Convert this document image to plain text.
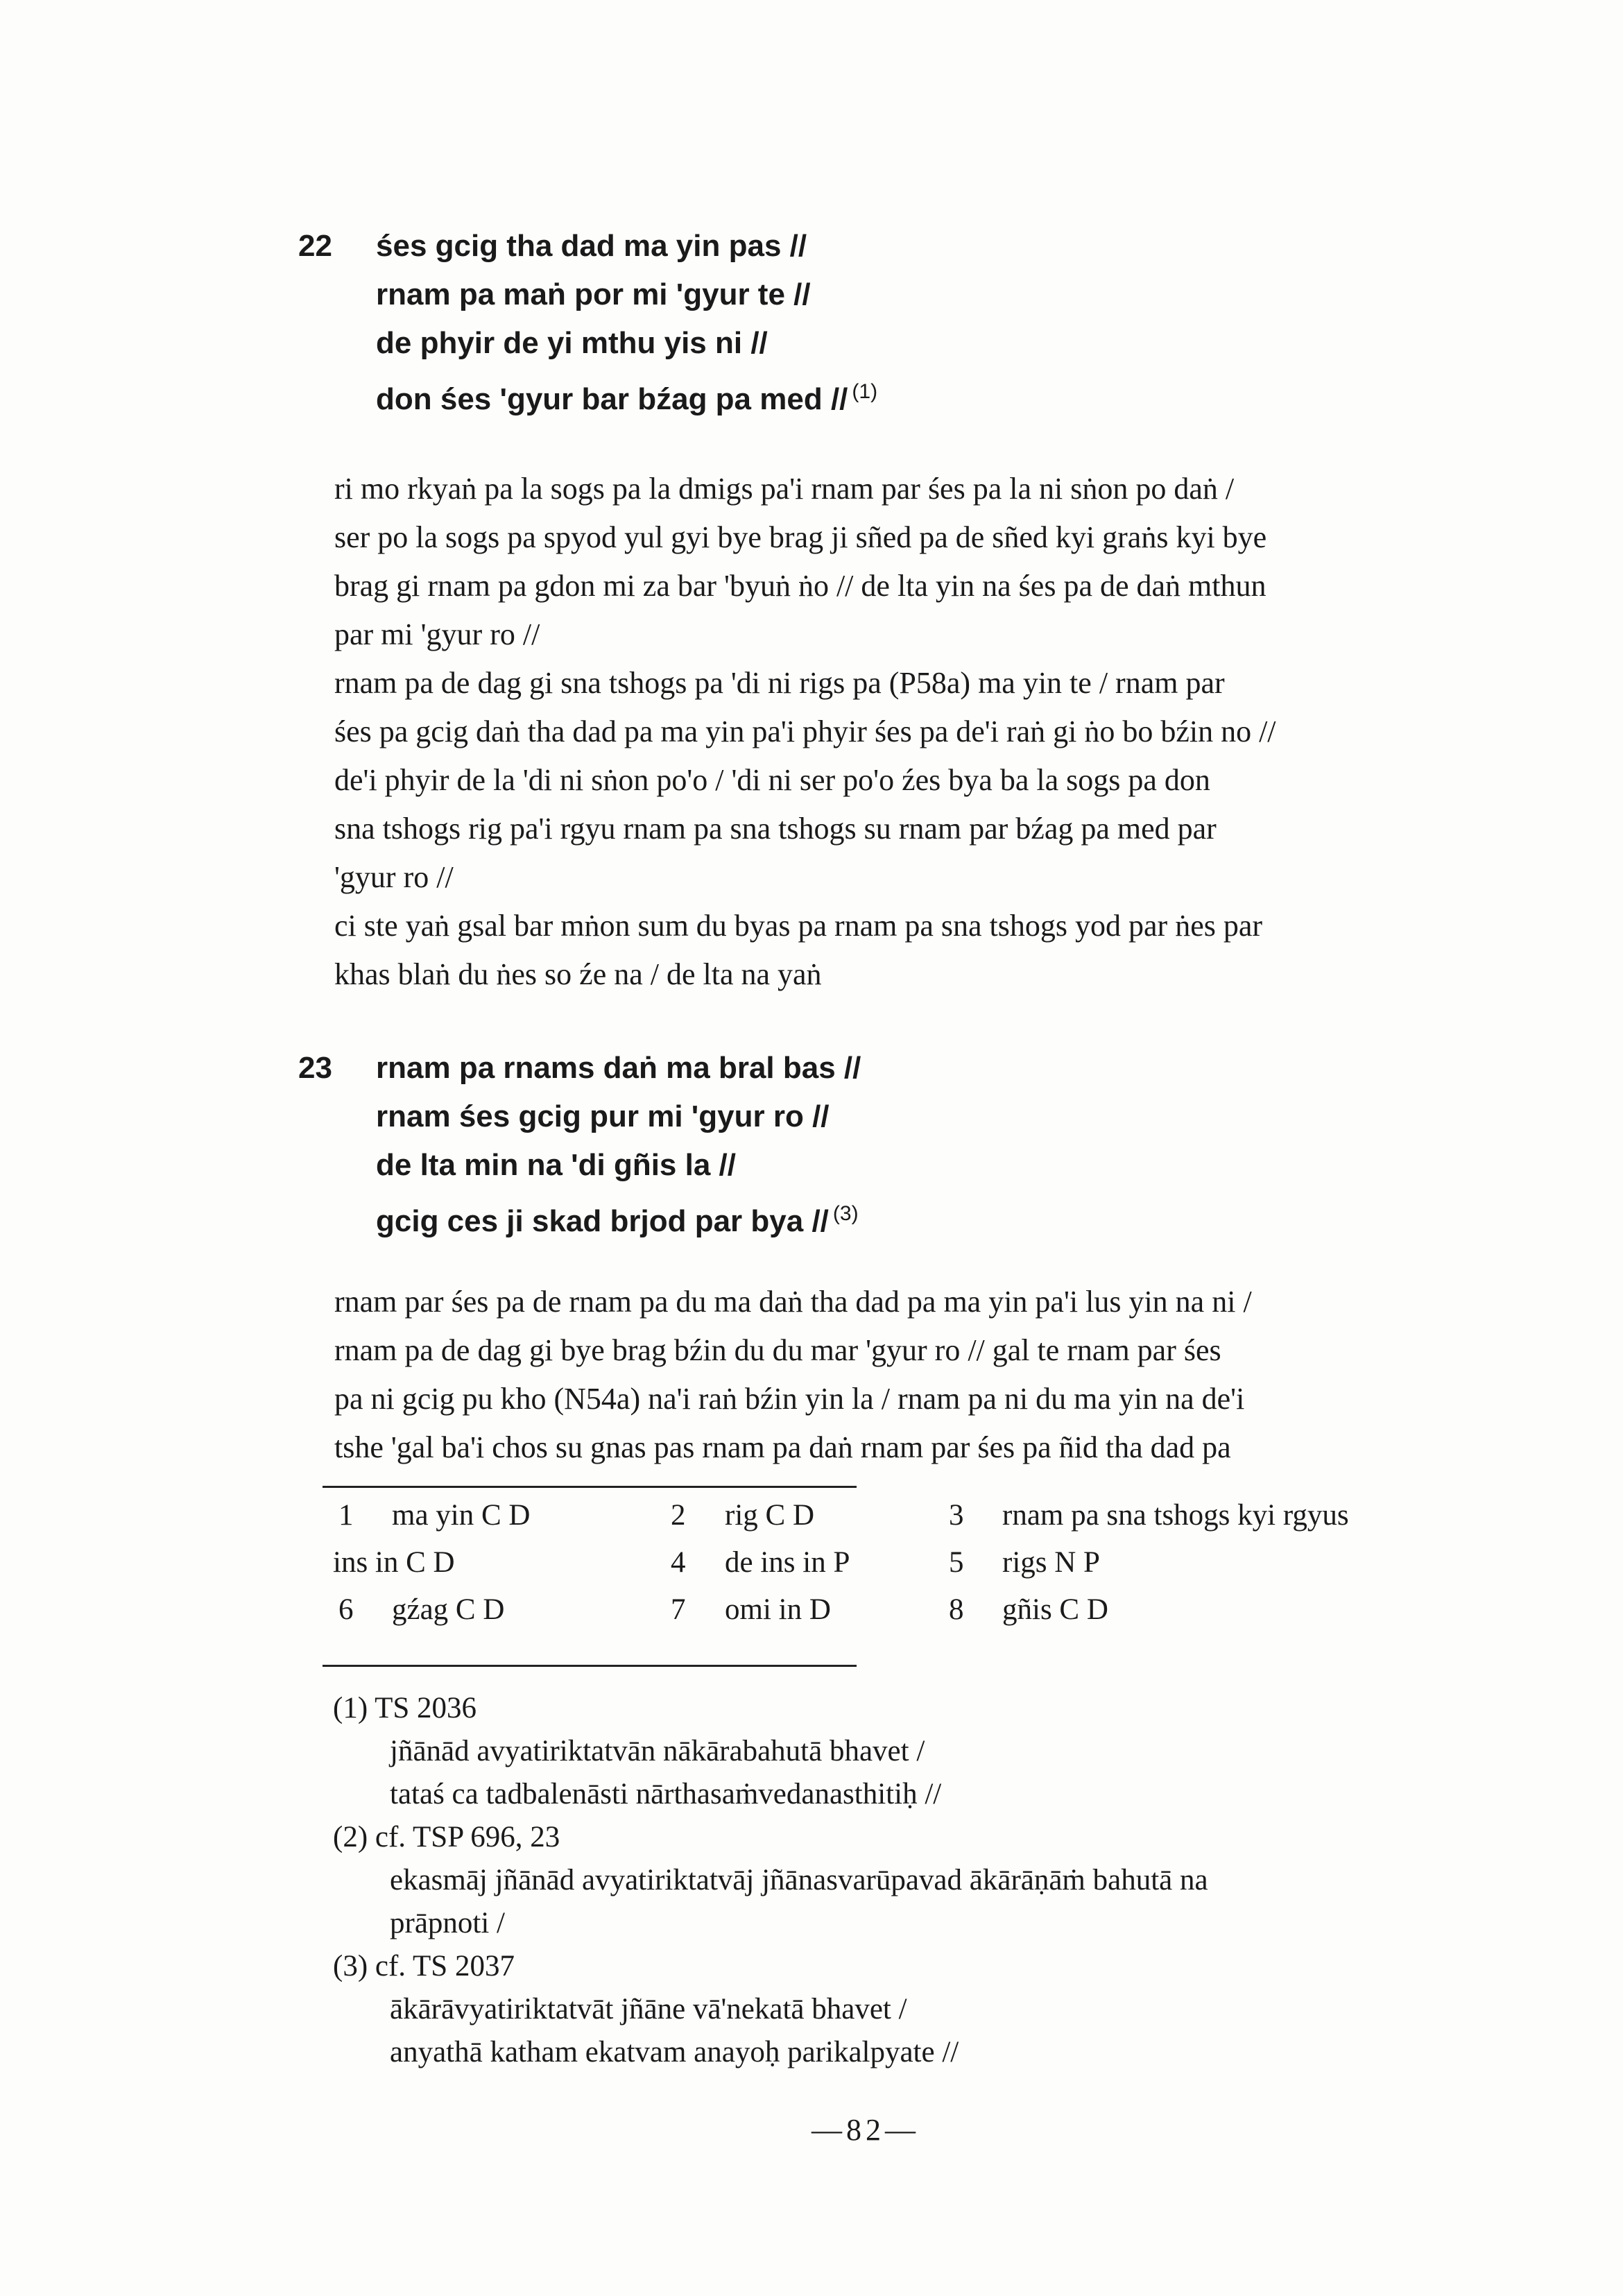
22 śes gcig tha dad ma yin pas //
rnam pa maṅ por mi 'gyur te //
de phyir de yi mthu yis ni //
don śes 'gyur bar bźag pa med // $^{(1)}$
ri mo rkyaṅ pa la sogs pa la dmigs pa'i rnam par śes pa la ni sṅon po daṅ /
ser po la sogs pa spyod yul gyi bye brag ji sñed pa de sñed kyi graṅs kyi bye
brag gi rnam pa gdon mi za bar 'byuṅ ṅo // de lta yin na śes pa de daṅ mthun
par mi 'gyur ro //
rnam pa de dag gi sna tshogs pa 'di ni rigs pa (P58a) ma yin te / rnam par
śes pa gcig daṅ tha dad pa ma yin pa'i phyir śes pa de'i raṅ gi ṅo bo bźin no //
de'i phyir de la 'di ni sṅon po'o / 'di ni ser po'o źes bya ba la sogs pa don
sna tshogs rig pa'i rgyu rnam pa sna tshogs su rnam par bźag pa med par
'gyur ro //
ci ste yaṅ gsal bar mṅon sum du byas pa rnam pa sna tshogs yod par ṅes par
khas blaṅ du ṅes so źe na / de lta na yaṅ
23 rnam pa rnams daṅ ma bral bas //
rnam śes gcig pur mi 'gyur ro //
de lta min na 'di gñis la //
gcig ces ji skad brjod par bya // $^{(3)}$
rnam par śes pa de rnam pa du ma daṅ tha dad pa ma yin pa'i lus yin na ni /
rnam pa de dag gi bye brag bźin du du mar 'gyur ro // gal te rnam par śes
pa ni gcig pu kho (N54a) na'i raṅ bźin yin la / rnam pa ni du ma yin na de'i
tshe 'gal ba'i chos su gnas pas rnam pa daṅ rnam par śes pa ñid tha dad pa
1 ma yin C D	2 rig C D	3 rnam pa sna tshogs kyi rgyus
ins in C D	4 de ins in P	5 rigs N P
6 gźag C D	7 omi in D	8 gñis C D
(1) TS 2036
jñānād avyatiriktatvān nākārabahutā bhavet /
tataś ca tadbalenāsti nārthasaṁvedanasthitiḥ //
(2) cf. TSP 696, 23
ekasmāj jñānād avyatiriktatvāj jñānasvarūpavad ākārāṇāṁ bahutā na
prāpnoti /
(3) cf. TS 2037
ākārāvyatiriktatvāt jñāne vā'nekatā bhavet /
anyathā katham ekatvam anayoḥ parikalpyate //
—82—
